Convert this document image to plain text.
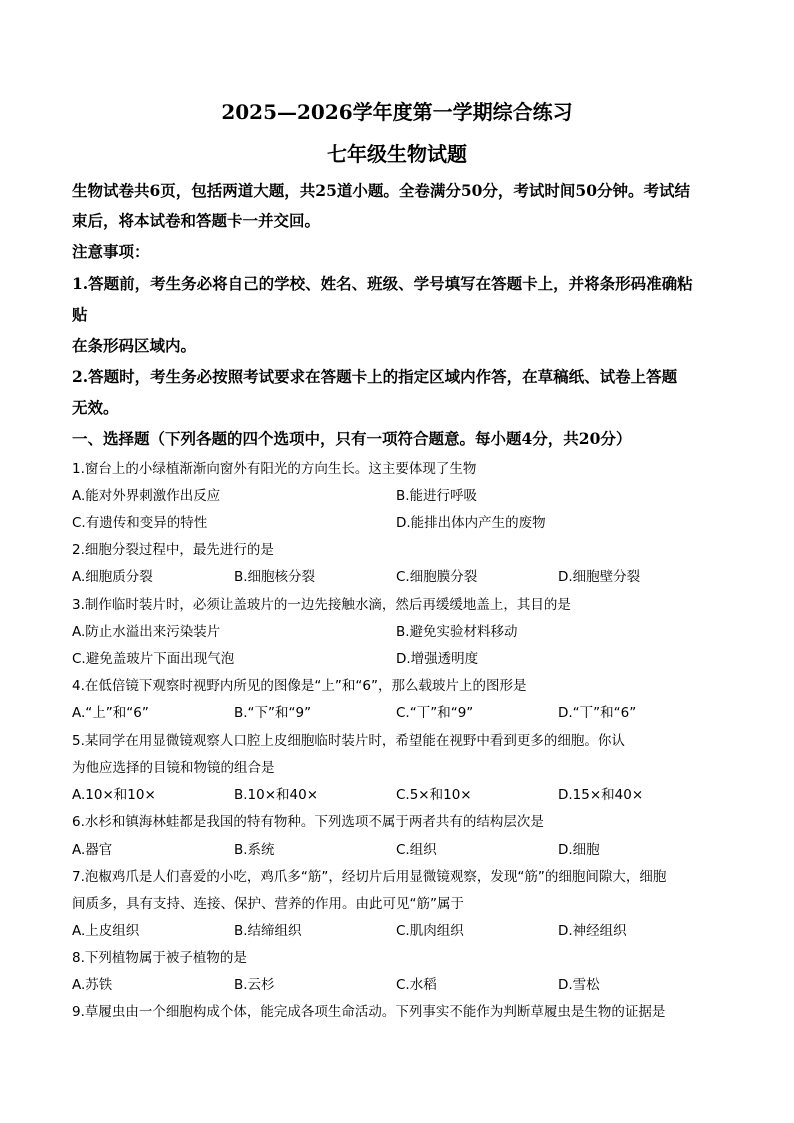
2025—2026学年度第一学期综合练习
七年级生物试题
生物试卷共6页，包括两道大题，共25道小题。全卷满分50分，考试时间50分钟。考试结
束后，将本试卷和答题卡一并交回。
注意事项：
1.答题前，考生务必将自己的学校、姓名、班级、学号填写在答题卡上，并将条形码准确粘
贴
在条形码区域内。
2.答题时，考生务必按照考试要求在答题卡上的指定区域内作答，在草稿纸、试卷上答题
无效。
一、选择题（下列各题的四个选项中，只有一项符合题意。每小题4分，共20分）
1.窗台上的小绿植渐渐向窗外有阳光的方向生长。这主要体现了生物
A.能对外界刺激作出反应	B.能进行呼吸
C.有遗传和变异的特性	D.能排出体内产生的废物
2.细胞分裂过程中，最先进行的是
A.细胞质分裂	B.细胞核分裂	C.细胞膜分裂	D.细胞壁分裂
3.制作临时装片时，必须让盖玻片的一边先接触水滴，然后再缓缓地盖上，其目的是
A.防止水溢出来污染装片	B.避免实验材料移动
C.避免盖玻片下面出现气泡	D.增强透明度
4.在低倍镜下观察时视野内所见的图像是“上”和“6”，那么载玻片上的图形是
A.“上”和“6”	B.“下”和“9”	C.“丅”和“9”	D.“丅”和“6”
5.某同学在用显微镜观察人口腔上皮细胞临时装片时，希望能在视野中看到更多的细胞。你认
为他应选择的目镜和物镜的组合是
A.10×和10×	B.10×和40×	C.5×和10×	D.15×和40×
6.水杉和镇海林蛙都是我国的特有物种。下列选项不属于两者共有的结构层次是
A.器官	B.系统	C.组织	D.细胞
7.泡椒鸡爪是人们喜爱的小吃，鸡爪多“筋”，经切片后用显微镜观察，发现“筋”的细胞间隙大，细胞
间质多，具有支持、连接、保护、营养的作用。由此可见“筋”属于
A.上皮组织	B.结缔组织	C.肌肉组织	D.神经组织
8.下列植物属于被子植物的是
A.苏铁	B.云杉	C.水稻	D.雪松
9.草履虫由一个细胞构成个体，能完成各项生命活动。下列事实不能作为判断草履虫是生物的证据是
